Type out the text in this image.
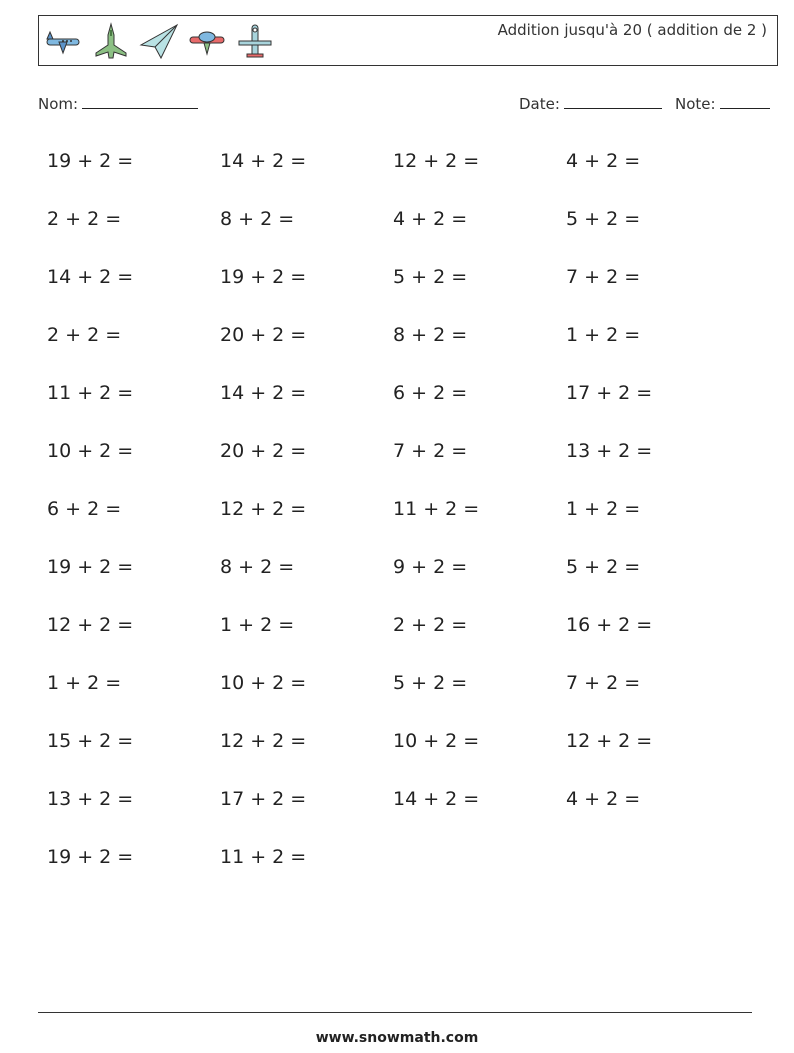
Addition jusqu'à 20 ( addition de 2 )
Nom:	Date:	Note:
19 + 2 =	14 + 2 =	12 + 2 =	4 + 2 =
2 + 2 =	8 + 2 =	4 + 2 =	5 + 2 =
14 + 2 =	19 + 2 =	5 + 2 =	7 + 2 =
2 + 2 =	20 + 2 =	8 + 2 =	1 + 2 =
11 + 2 =	14 + 2 =	6 + 2 =	17 + 2 =
10 + 2 =	20 + 2 =	7 + 2 =	13 + 2 =
6 + 2 =	12 + 2 =	11 + 2 =	1 + 2 =
19 + 2 =	8 + 2 =	9 + 2 =	5 + 2 =
12 + 2 =	1 + 2 =	2 + 2 =	16 + 2 =
1 + 2 =	10 + 2 =	5 + 2 =	7 + 2 =
15 + 2 =	12 + 2 =	10 + 2 =	12 + 2 =
13 + 2 =	17 + 2 =	14 + 2 =	4 + 2 =
19 + 2 =	11 + 2 =
www.snowmath.com
